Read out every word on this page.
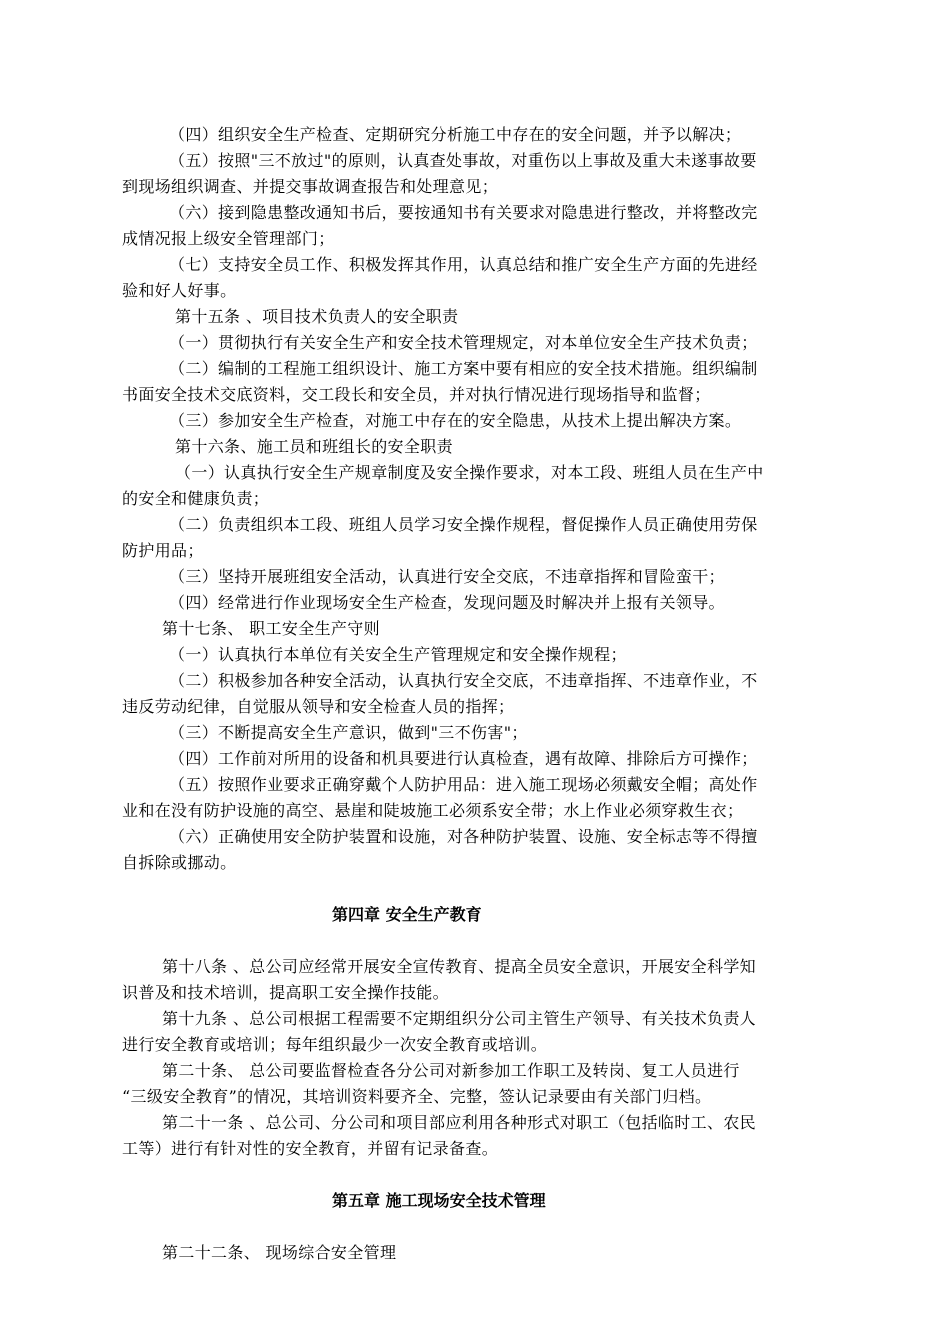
（四）组织安全生产检查、定期研究分析施工中存在的安全问题，并予以解决；
（五）按照"三不放过"的原则，认真查处事故，对重伤以上事故及重大未遂事故要
到现场组织调查、并提交事故调查报告和处理意见；
（六）接到隐患整改通知书后，要按通知书有关要求对隐患进行整改，并将整改完
成情况报上级安全管理部门；
（七）支持安全员工作、积极发挥其作用，认真总结和推广安全生产方面的先进经
验和好人好事。
第十五条 、项目技术负责人的安全职责
（一）贯彻执行有关安全生产和安全技术管理规定，对本单位安全生产技术负责；
（二）编制的工程施工组织设计、施工方案中要有相应的安全技术措施。组织编制
书面安全技术交底资料，交工段长和安全员，并对执行情况进行现场指导和监督；
（三）参加安全生产检查，对施工中存在的安全隐患，从技术上提出解决方案。
第十六条、施工员和班组长的安全职责
（一）认真执行安全生产规章制度及安全操作要求，对本工段、班组人员在生产中
的安全和健康负责；
（二）负责组织本工段、班组人员学习安全操作规程，督促操作人员正确使用劳保
防护用品；
（三）坚持开展班组安全活动，认真进行安全交底，不违章指挥和冒险蛮干；
（四）经常进行作业现场安全生产检查，发现问题及时解决并上报有关领导。
第十七条、 职工安全生产守则
（一）认真执行本单位有关安全生产管理规定和安全操作规程；
（二）积极参加各种安全活动，认真执行安全交底，不违章指挥、不违章作业，不
违反劳动纪律，自觉服从领导和安全检查人员的指挥；
（三）不断提高安全生产意识，做到"三不伤害"；
（四）工作前对所用的设备和机具要进行认真检查，遇有故障、排除后方可操作；
（五）按照作业要求正确穿戴个人防护用品：进入施工现场必须戴安全帽；高处作
业和在没有防护设施的高空、悬崖和陡坡施工必须系安全带；水上作业必须穿救生衣；
（六）正确使用安全防护装置和设施，对各种防护装置、设施、安全标志等不得擅
自拆除或挪动。
第四章 安全生产教育
第十八条 、总公司应经常开展安全宣传教育、提高全员安全意识，开展安全科学知
识普及和技术培训，提高职工安全操作技能。
第十九条 、总公司根据工程需要不定期组织分公司主管生产领导、有关技术负责人
进行安全教育或培训；每年组织最少一次安全教育或培训。
第二十条、 总公司要监督检查各分公司对新参加工作职工及转岗、复工人员进行
“三级安全教育”的情况，其培训资料要齐全、完整，签认记录要由有关部门归档。
第二十一条 、总公司、分公司和项目部应利用各种形式对职工（包括临时工、农民
工等）进行有针对性的安全教育，并留有记录备查。
第五章 施工现场安全技术管理
第二十二条、 现场综合安全管理
